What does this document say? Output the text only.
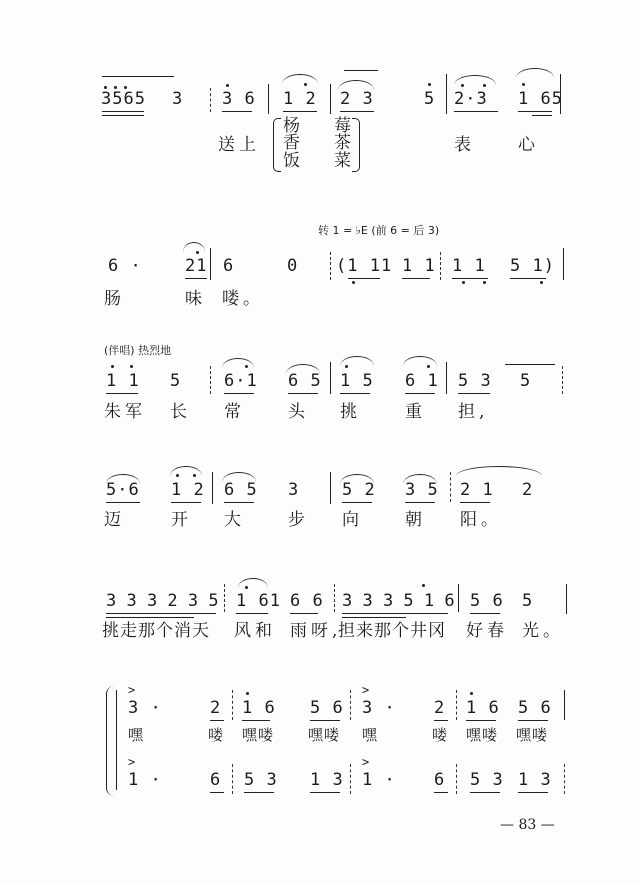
3565 3 3 6 1 2 2 3	5 2·3 1 65
送上
杨 莓
香 茶
饭 菜
表	心
转 1 = ♭E (前 6 = 后 3)
6 ·	21 6	0 (1 11 1 1 1 1 5 1)
肠	味 喽。
(伴唱) 热烈地
1 1 5	6·1 6 5 1 5 6 1 5 3 5
朱军 长 常	头 挑	重 担,
5·6 1 2 6 5 3	5 2 3 5 2 1 2
迈	开 大	步 向 朝 阳。
3 3 3 2 3 5 1 61 6 6 3 3 3 5 1 6 5 6 5
挑走那个消天 风和 雨呀,
担来那个井冈 好春 光。
>
3 ·	2 1 6 5 6
>
3 · 2 1 6 5 6
嘿	喽 嘿喽 嘿喽 嘿	喽 嘿喽 嘿喽
>	>
1 ·	6 5 3 1 3 1 · 6 5 3 1 3
— 83 —
